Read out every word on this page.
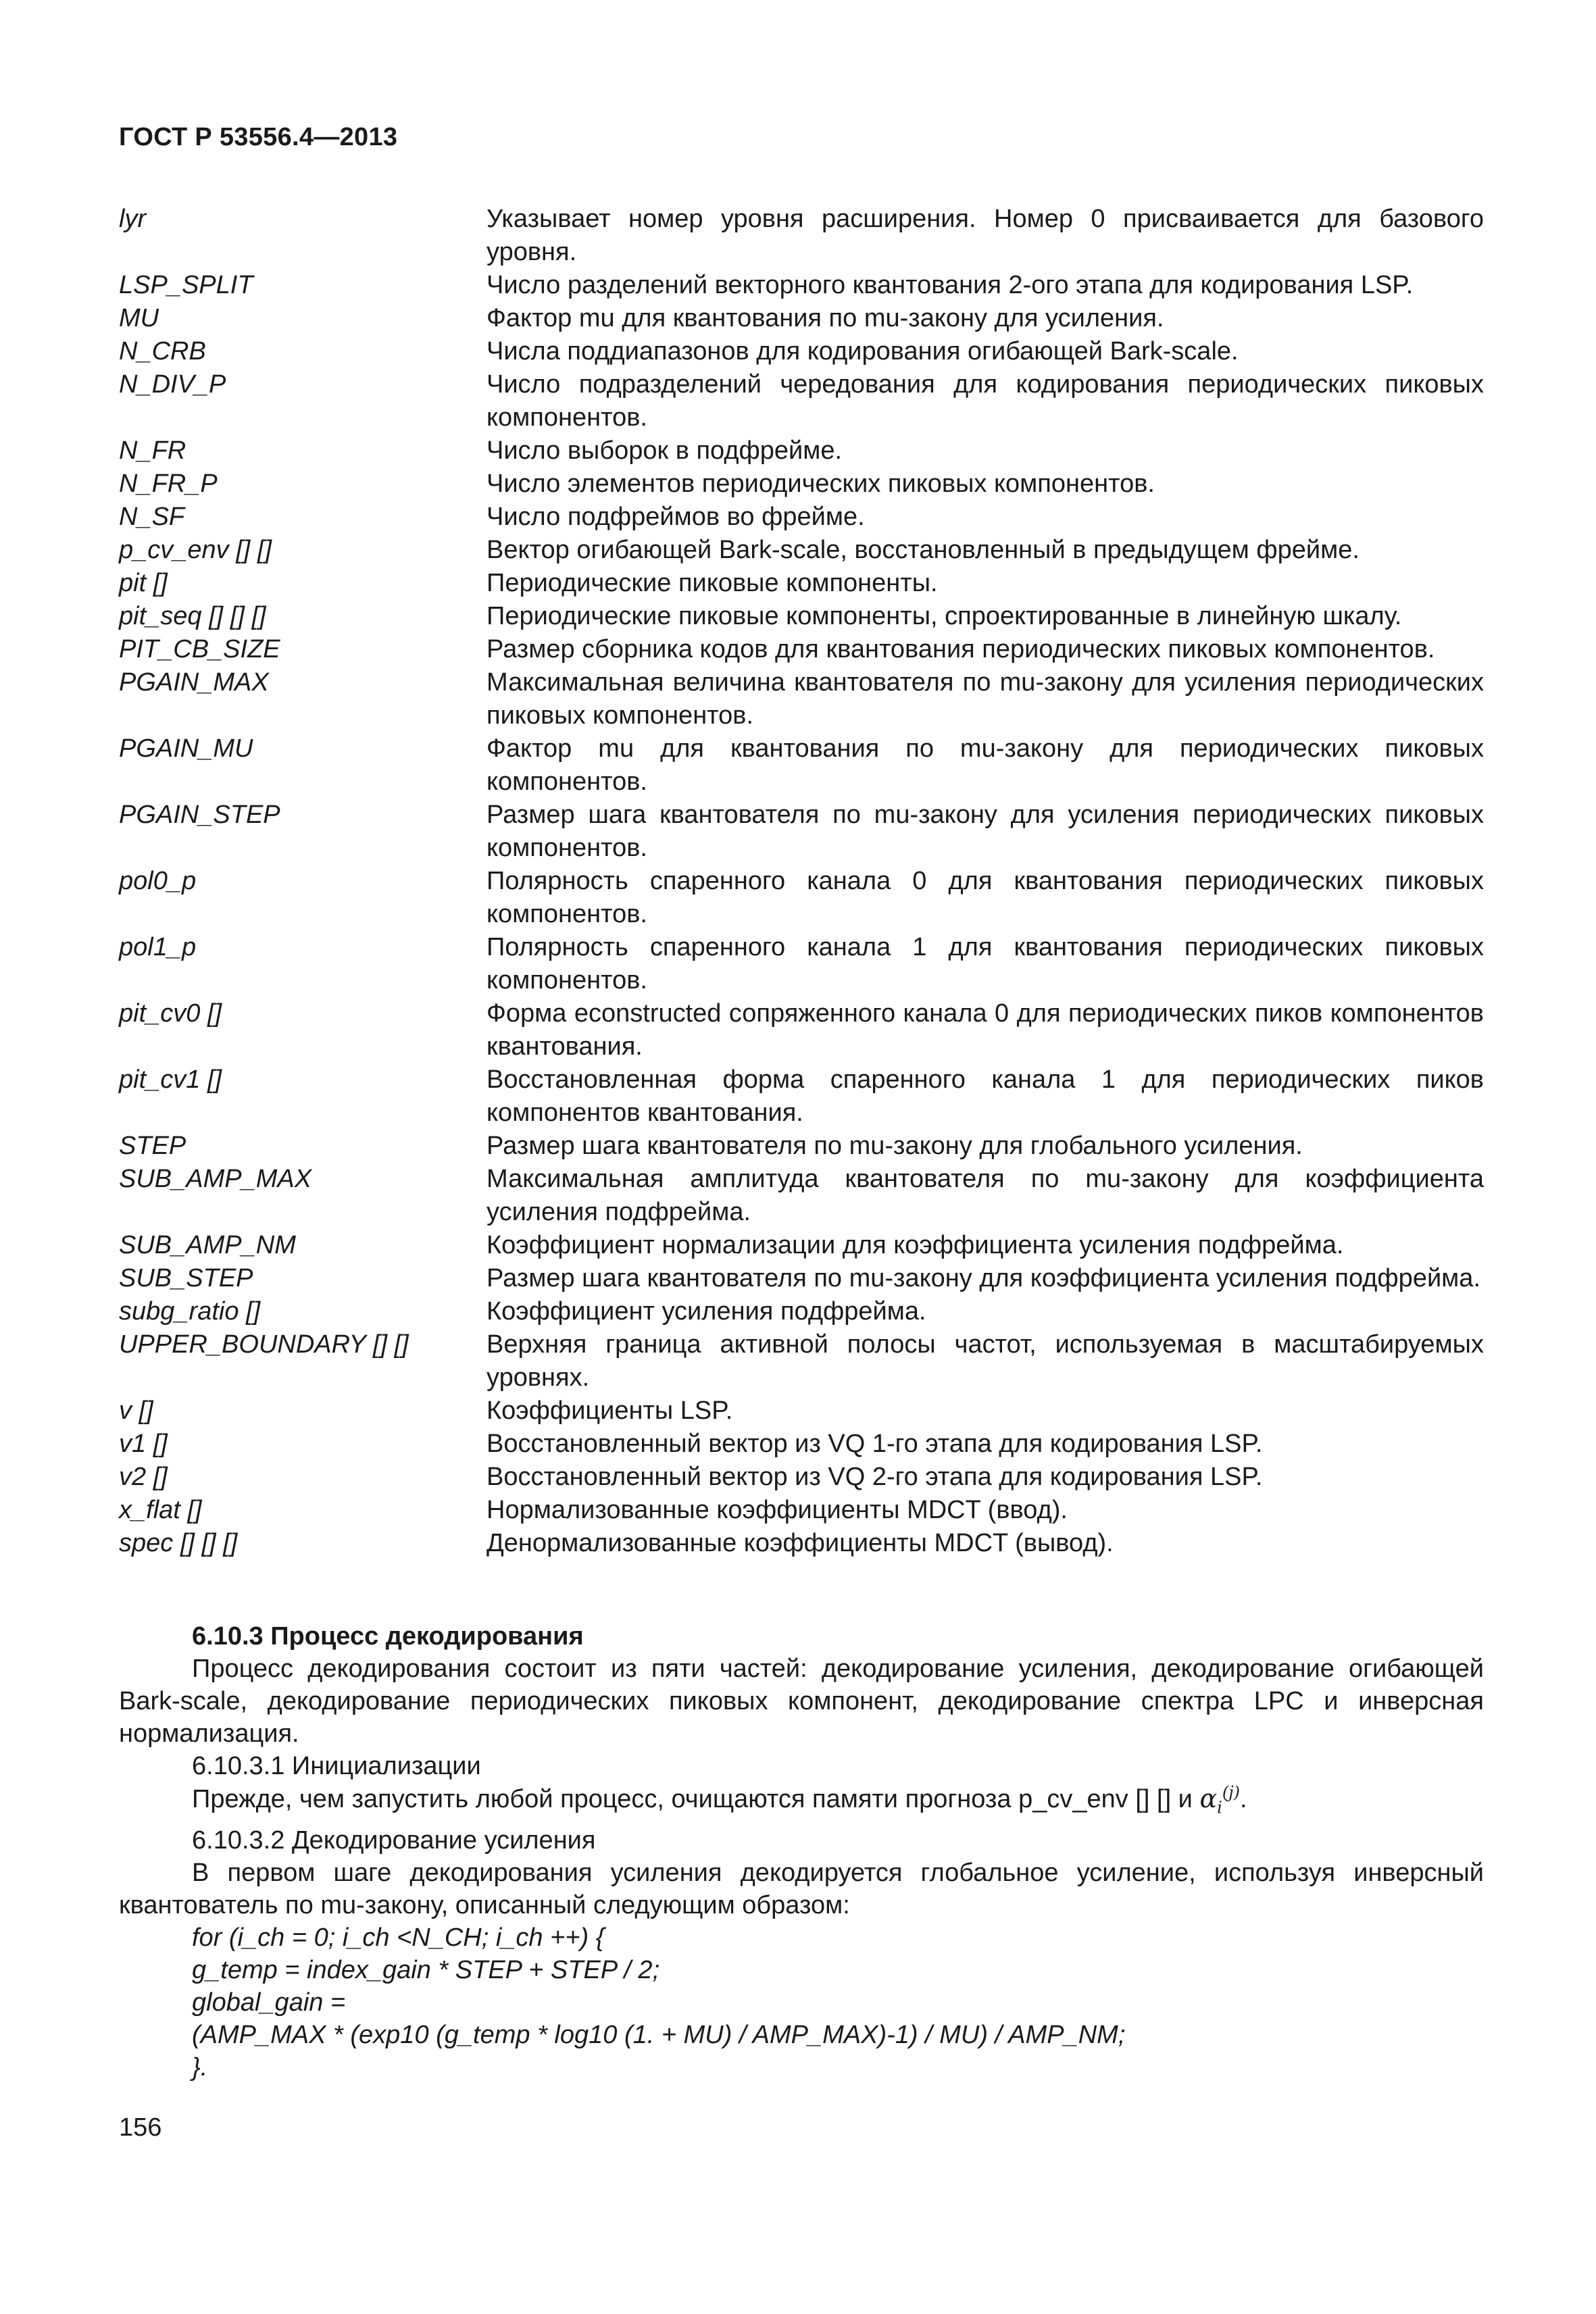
ГОСТ Р 53556.4—2013
lyr	Указывает номер уровня расширения. Номер 0 присваивается для базового уровня.
LSP_SPLIT	Число разделений векторного квантования 2-ого этапа для кодирования LSP.
MU	Фактор mu для квантования по mu-закону для усиления.
N_CRB	Числа поддиапазонов для кодирования огибающей Bark-scale.
N_DIV_P	Число подразделений чередования для кодирования периодических пиковых компонентов.
N_FR	Число выборок в подфрейме.
N_FR_P	Число элементов периодических пиковых компонентов.
N_SF	Число подфреймов во фрейме.
p_cv_env [] []	Вектор огибающей Bark-scale, восстановленный в предыдущем фрейме.
pit []	Периодические пиковые компоненты.
pit_seq [] [] []	Периодические пиковые компоненты, спроектированные в линейную шкалу.
PIT_CB_SIZE	Размер сборника кодов для квантования периодических пиковых компонентов.
PGAIN_MAX	Максимальная величина квантователя по mu-закону для усиления периодических пиковых компонентов.
PGAIN_MU	Фактор mu для квантования по mu-закону для периодических пиковых компонентов.
PGAIN_STEP	Размер шага квантователя по mu-закону для усиления периодических пиковых компонентов.
pol0_p	Полярность спаренного канала 0 для квантования периодических пиковых компонентов.
pol1_p	Полярность спаренного канала 1 для квантования периодических пиковых компонентов.
pit_cv0 []	Форма econstructed сопряженного канала 0 для периодических пиков компонентов квантования.
pit_cv1 []	Восстановленная форма спаренного канала 1 для периодических пиков компонентов квантования.
STEP	Размер шага квантователя по mu-закону для глобального усиления.
SUB_AMP_MAX	Максимальная амплитуда квантователя по mu-закону для коэффициента усиления подфрейма.
SUB_AMP_NM	Коэффициент нормализации для коэффициента усиления подфрейма.
SUB_STEP	Размер шага квантователя по mu-закону для коэффициента усиления подфрейма.
subg_ratio []	Коэффициент усиления подфрейма.
UPPER_BOUNDARY [] []	Верхняя граница активной полосы частот, используемая в масштабируемых уровнях.
v []	Коэффициенты LSP.
v1 []	Восстановленный вектор из VQ 1-го этапа для кодирования LSP.
v2 []	Восстановленный вектор из VQ 2-го этапа для кодирования LSP.
x_flat []	Нормализованные коэффициенты MDCT (ввод).
spec [] [] []	Денормализованные коэффициенты MDCT (вывод).
6.10.3 Процесс декодирования
Процесс декодирования состоит из пяти частей: декодирование усиления, декодирование огибающей Bark-scale, декодирование периодических пиковых компонент, декодирование спектра LPC и инверсная нормализация.
6.10.3.1 Инициализации
Прежде, чем запустить любой процесс, очищаются памяти прогноза p_cv_env [] [] и $\alpha_i^{(j)}$.
6.10.3.2 Декодирование усиления
В первом шаге декодирования усиления декодируется глобальное усиление, используя инверсный квантователь по mu-закону, описанный следующим образом:
for (i_ch = 0; i_ch <N_CH; i_ch ++) {
g_temp = index_gain * STEP + STEP / 2;
global_gain =
(AMP_MAX * (exp10 (g_temp * log10 (1. + MU) / AMP_MAX)-1) / MU) / AMP_NM;
}.
156
